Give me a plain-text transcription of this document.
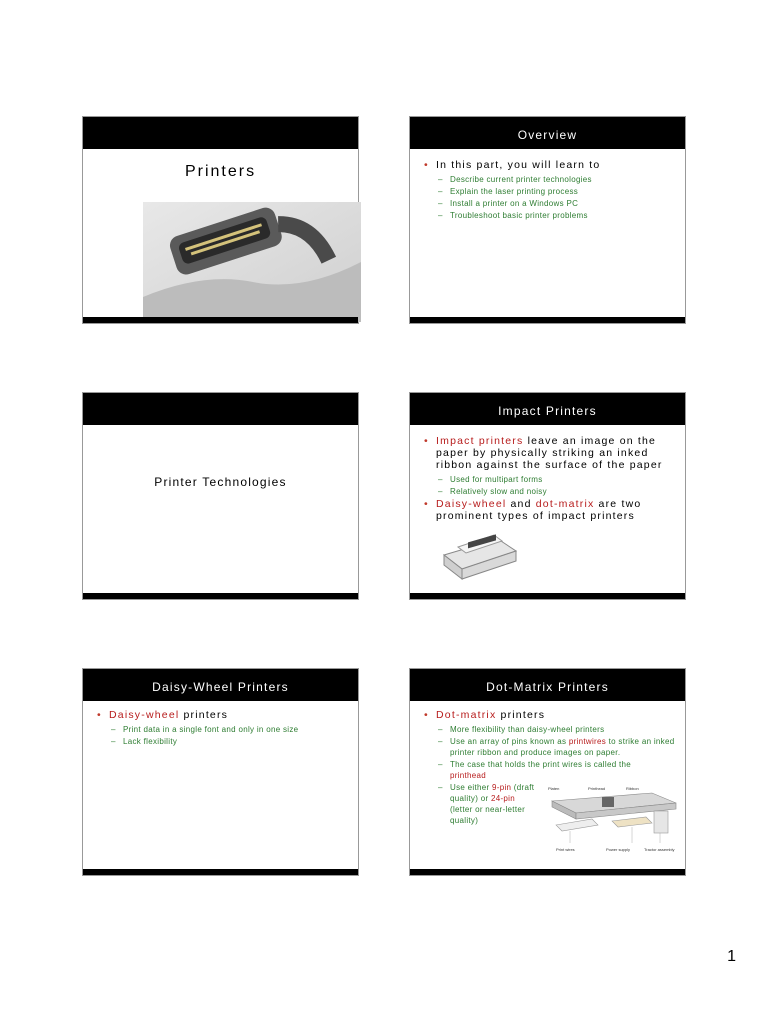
Printers
Overview
• In this part, you will learn to
– Describe current printer technologies
– Explain the laser printing process
– Install a printer on a Windows PC
– Troubleshoot basic printer problems
Printer Technologies
Impact Printers
• Impact printers leave an image on the paper by physically striking an inked ribbon against the surface of the paper
– Used for multipart forms
– Relatively slow and noisy
• Daisy-wheel and dot-matrix are two prominent types of impact printers
Daisy-Wheel Printers
• Daisy-wheel printers
– Print data in a single font and only in one size
– Lack flexibility
Dot-Matrix Printers
• Dot-matrix printers
– More flexibility than daisy-wheel printers
– Use an array of pins known as printwires to strike an inked printer ribbon and produce images on paper.
– The case that holds the print wires is called the printhead
– Use either 9-pin (draft quality) or 24-pin (letter or near-letter quality)
Platen	Printhead	Ribbon
Print wires	Power supply	Tractor assembly
1
